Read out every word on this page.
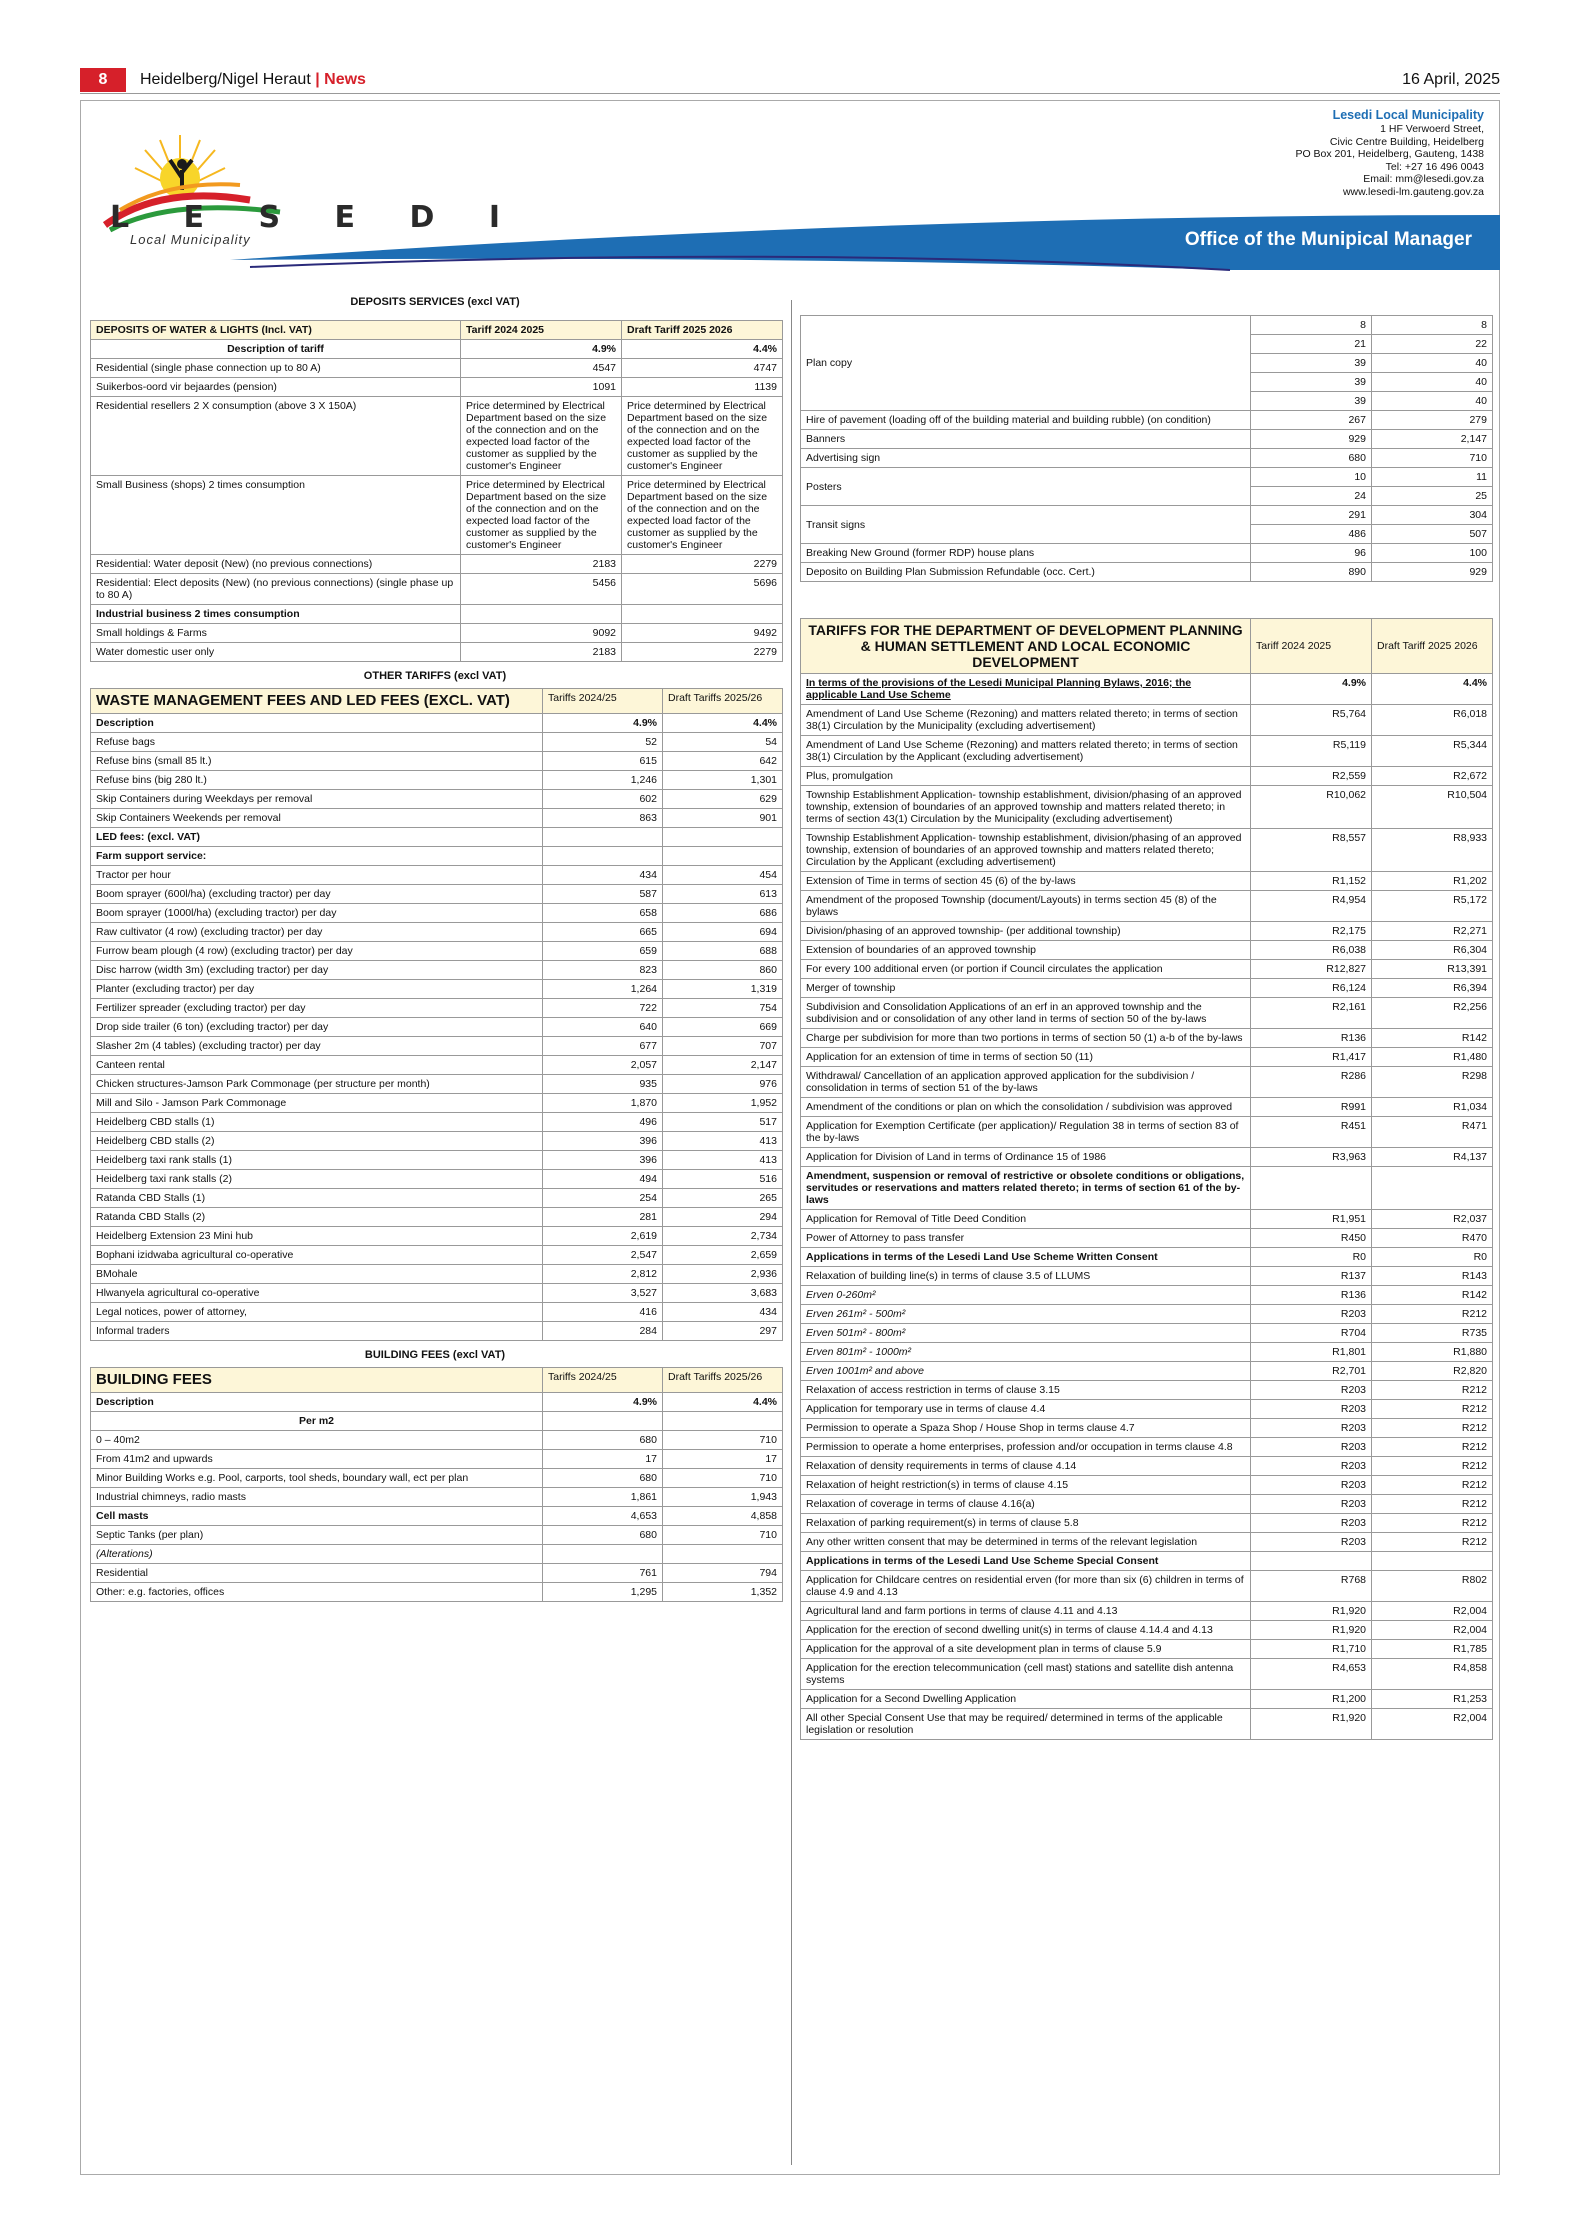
8	Heidelberg/Nigel Heraut | News	16 April, 2025
L E S E D I
Local Municipality
Lesedi Local Municipality
1 HF Verwoerd Street,
Civic Centre Building, Heidelberg
PO Box 201, Heidelberg, Gauteng, 1438
Tel: +27 16 496 0043
Email: mm@lesedi.gov.za
www.lesedi-lm.gauteng.gov.za
Office of the Munipical Manager
DEPOSITS SERVICES (excl VAT)
DEPOSITS OF WATER & LIGHTS (Incl. VAT)	Tariff 2024 2025	Draft Tariff 2025 2026
Description of tariff	4.9%	4.4%
Residential (single phase connection up to 80 A)	4547	4747
Suikerbos-oord vir bejaardes (pension)	1091	1139
Residential resellers 2 X consumption (above 3 X 150A)	Price determined by Electrical Department based on the size of the connection and on the expected load factor of the customer as supplied by the customer's Engineer	Price determined by Electrical Department based on the size of the connection and on the expected load factor of the customer as supplied by the customer's Engineer
Small Business (shops) 2 times consumption	Price determined by Electrical Department based on the size of the connection and on the expected load factor of the customer as supplied by the customer's Engineer	Price determined by Electrical Department based on the size of the connection and on the expected load factor of the customer as supplied by the customer's Engineer
Residential: Water deposit (New) (no previous connections)	2183	2279
Residential: Elect deposits (New) (no previous connections) (single phase up to 80 A)	5456	5696
Industrial business 2 times consumption		
Small holdings & Farms	9092	9492
Water domestic user only	2183	2279
OTHER TARIFFS (excl VAT)
WASTE MANAGEMENT FEES AND LED FEES (EXCL. VAT)	Tariffs 2024/25	Draft Tariffs 2025/26
Description	4.9%	4.4%
Refuse bags	52	54
Refuse bins (small 85 lt.)	615	642
Refuse bins (big 280 lt.)	1,246	1,301
Skip Containers during Weekdays per removal	602	629
Skip Containers Weekends per removal	863	901
LED fees: (excl. VAT)		
Farm support service:		
Tractor per hour	434	454
Boom sprayer (600l/ha) (excluding tractor) per day	587	613
Boom sprayer (1000l/ha) (excluding tractor) per day	658	686
Raw cultivator (4 row) (excluding tractor) per day	665	694
Furrow beam plough (4 row) (excluding tractor) per day	659	688
Disc harrow (width 3m) (excluding tractor) per day	823	860
Planter (excluding tractor) per day	1,264	1,319
Fertilizer spreader (excluding tractor) per day	722	754
Drop side trailer (6 ton) (excluding tractor) per day	640	669
Slasher 2m (4 tables) (excluding tractor) per day	677	707
Canteen rental	2,057	2,147
Chicken structures-Jamson Park Commonage (per structure per month)	935	976
Mill and Silo - Jamson Park Commonage	1,870	1,952
Heidelberg CBD stalls (1)	496	517
Heidelberg CBD stalls (2)	396	413
Heidelberg taxi rank stalls (1)	396	413
Heidelberg taxi rank stalls (2)	494	516
Ratanda CBD Stalls (1)	254	265
Ratanda CBD Stalls (2)	281	294
Heidelberg Extension 23 Mini hub	2,619	2,734
Bophani izidwaba agricultural co-operative	2,547	2,659
BMohale	2,812	2,936
Hlwanyela agricultural co-operative	3,527	3,683
Legal notices, power of attorney,	416	434
Informal traders	284	297
BUILDING FEES (excl VAT)
BUILDING FEES	Tariffs 2024/25	Draft Tariffs 2025/26
Description	4.9%	4.4%
Per m2		
0 – 40m2	680	710
From 41m2 and upwards	17	17
Minor Building Works e.g. Pool, carports, tool sheds, boundary wall, ect per plan	680	710
Industrial chimneys, radio masts	1,861	1,943
Cell masts	4,653	4,858
Septic Tanks (per plan)	680	710
(Alterations)		
Residential	761	794
Other: e.g. factories, offices	1,295	1,352
Plan copy	8	8
	21	22
	39	40
	39	40
	39	40
Hire of pavement (loading off of the building material and building rubble) (on condition)	267	279
Banners	929	2,147
Advertising sign	680	710
Posters	10	11
	24	25
Transit signs	291	304
	486	507
Breaking New Ground (former RDP) house plans	96	100
Deposito on Building Plan Submission Refundable (occ. Cert.)	890	929
TARIFFS FOR THE DEPARTMENT OF DEVELOPMENT PLANNING & HUMAN SETTLEMENT AND LOCAL ECONOMIC DEVELOPMENT	Tariff 2024 2025	Draft Tariff 2025 2026
In terms of the provisions of the Lesedi Municipal Planning Bylaws, 2016; the applicable Land Use Scheme	4.9%	4.4%
Amendment of Land Use Scheme (Rezoning) and matters related thereto; in terms of section 38(1) Circulation by the Municipality (excluding advertisement)	R5,764	R6,018
Amendment of Land Use Scheme (Rezoning) and matters related thereto; in terms of section 38(1) Circulation by the Applicant (excluding advertisement)	R5,119	R5,344
Plus, promulgation	R2,559	R2,672
Township Establishment Application- township establishment, division/phasing of an approved township, extension of boundaries of an approved township and matters related thereto; in terms of section 43(1) Circulation by the Municipality (excluding advertisement)	R10,062	R10,504
Township Establishment Application- township establishment, division/phasing of an approved township, extension of boundaries of an approved township and matters related thereto; Circulation by the Applicant (excluding advertisement)	R8,557	R8,933
Extension of Time in terms of section 45 (6) of the by-laws	R1,152	R1,202
Amendment of the proposed Township (document/Layouts) in terms section 45 (8) of the bylaws	R4,954	R5,172
Division/phasing of an approved township- (per additional township)	R2,175	R2,271
Extension of boundaries of an approved township	R6,038	R6,304
For every 100 additional erven (or portion if Council circulates the application	R12,827	R13,391
Merger of township	R6,124	R6,394
Subdivision and Consolidation Applications of an erf in an approved township and the subdivision and or consolidation of any other land in terms of section 50 of the by-laws	R2,161	R2,256
Charge per subdivision for more than two portions in terms of section 50 (1) a-b of the by-laws	R136	R142
Application for an extension of time in terms of section 50 (11)	R1,417	R1,480
Withdrawal/ Cancellation of an application approved application for the subdivision / consolidation in terms of section 51 of the by-laws	R286	R298
Amendment of the conditions or plan on which the consolidation / subdivision was approved	R991	R1,034
Application for Exemption Certificate (per application)/ Regulation 38 in terms of section 83 of the by-laws	R451	R471
Application for Division of Land in terms of Ordinance 15 of 1986	R3,963	R4,137
Amendment, suspension or removal of restrictive or obsolete conditions or obligations, servitudes or reservations and matters related thereto; in terms of section 61 of the by-laws		
Application for Removal of Title Deed Condition	R1,951	R2,037
Power of Attorney to pass transfer	R450	R470
Applications in terms of the Lesedi Land Use Scheme Written Consent	R0	R0
Relaxation of building line(s) in terms of clause 3.5 of LLUMS	R137	R143
Erven 0-260m²	R136	R142
Erven 261m² - 500m²	R203	R212
Erven 501m² - 800m²	R704	R735
Erven 801m² - 1000m²	R1,801	R1,880
Erven 1001m² and above	R2,701	R2,820
Relaxation of access restriction in terms of clause 3.15	R203	R212
Application for temporary use in terms of clause 4.4	R203	R212
Permission to operate a Spaza Shop / House Shop in terms clause 4.7	R203	R212
Permission to operate a home enterprises, profession and/or occupation in terms clause 4.8	R203	R212
Relaxation of density requirements in terms of clause 4.14	R203	R212
Relaxation of height restriction(s) in terms of clause 4.15	R203	R212
Relaxation of coverage in terms of clause 4.16(a)	R203	R212
Relaxation of parking requirement(s) in terms of clause 5.8	R203	R212
Any other written consent that may be determined in terms of the relevant legislation	R203	R212
Applications in terms of the Lesedi Land Use Scheme Special Consent		
Application for Childcare centres on residential erven (for more than six (6) children in terms of clause 4.9 and 4.13	R768	R802
Agricultural land and farm portions in terms of clause 4.11 and 4.13	R1,920	R2,004
Application for the erection of second dwelling unit(s) in terms of clause 4.14.4 and 4.13	R1,920	R2,004
Application for the approval of a site development plan in terms of clause 5.9	R1,710	R1,785
Application for the erection telecommunication (cell mast) stations and satellite dish antenna systems	R4,653	R4,858
Application for a Second Dwelling Application	R1,200	R1,253
All other Special Consent Use that may be required/ determined in terms of the applicable legislation or resolution	R1,920	R2,004
